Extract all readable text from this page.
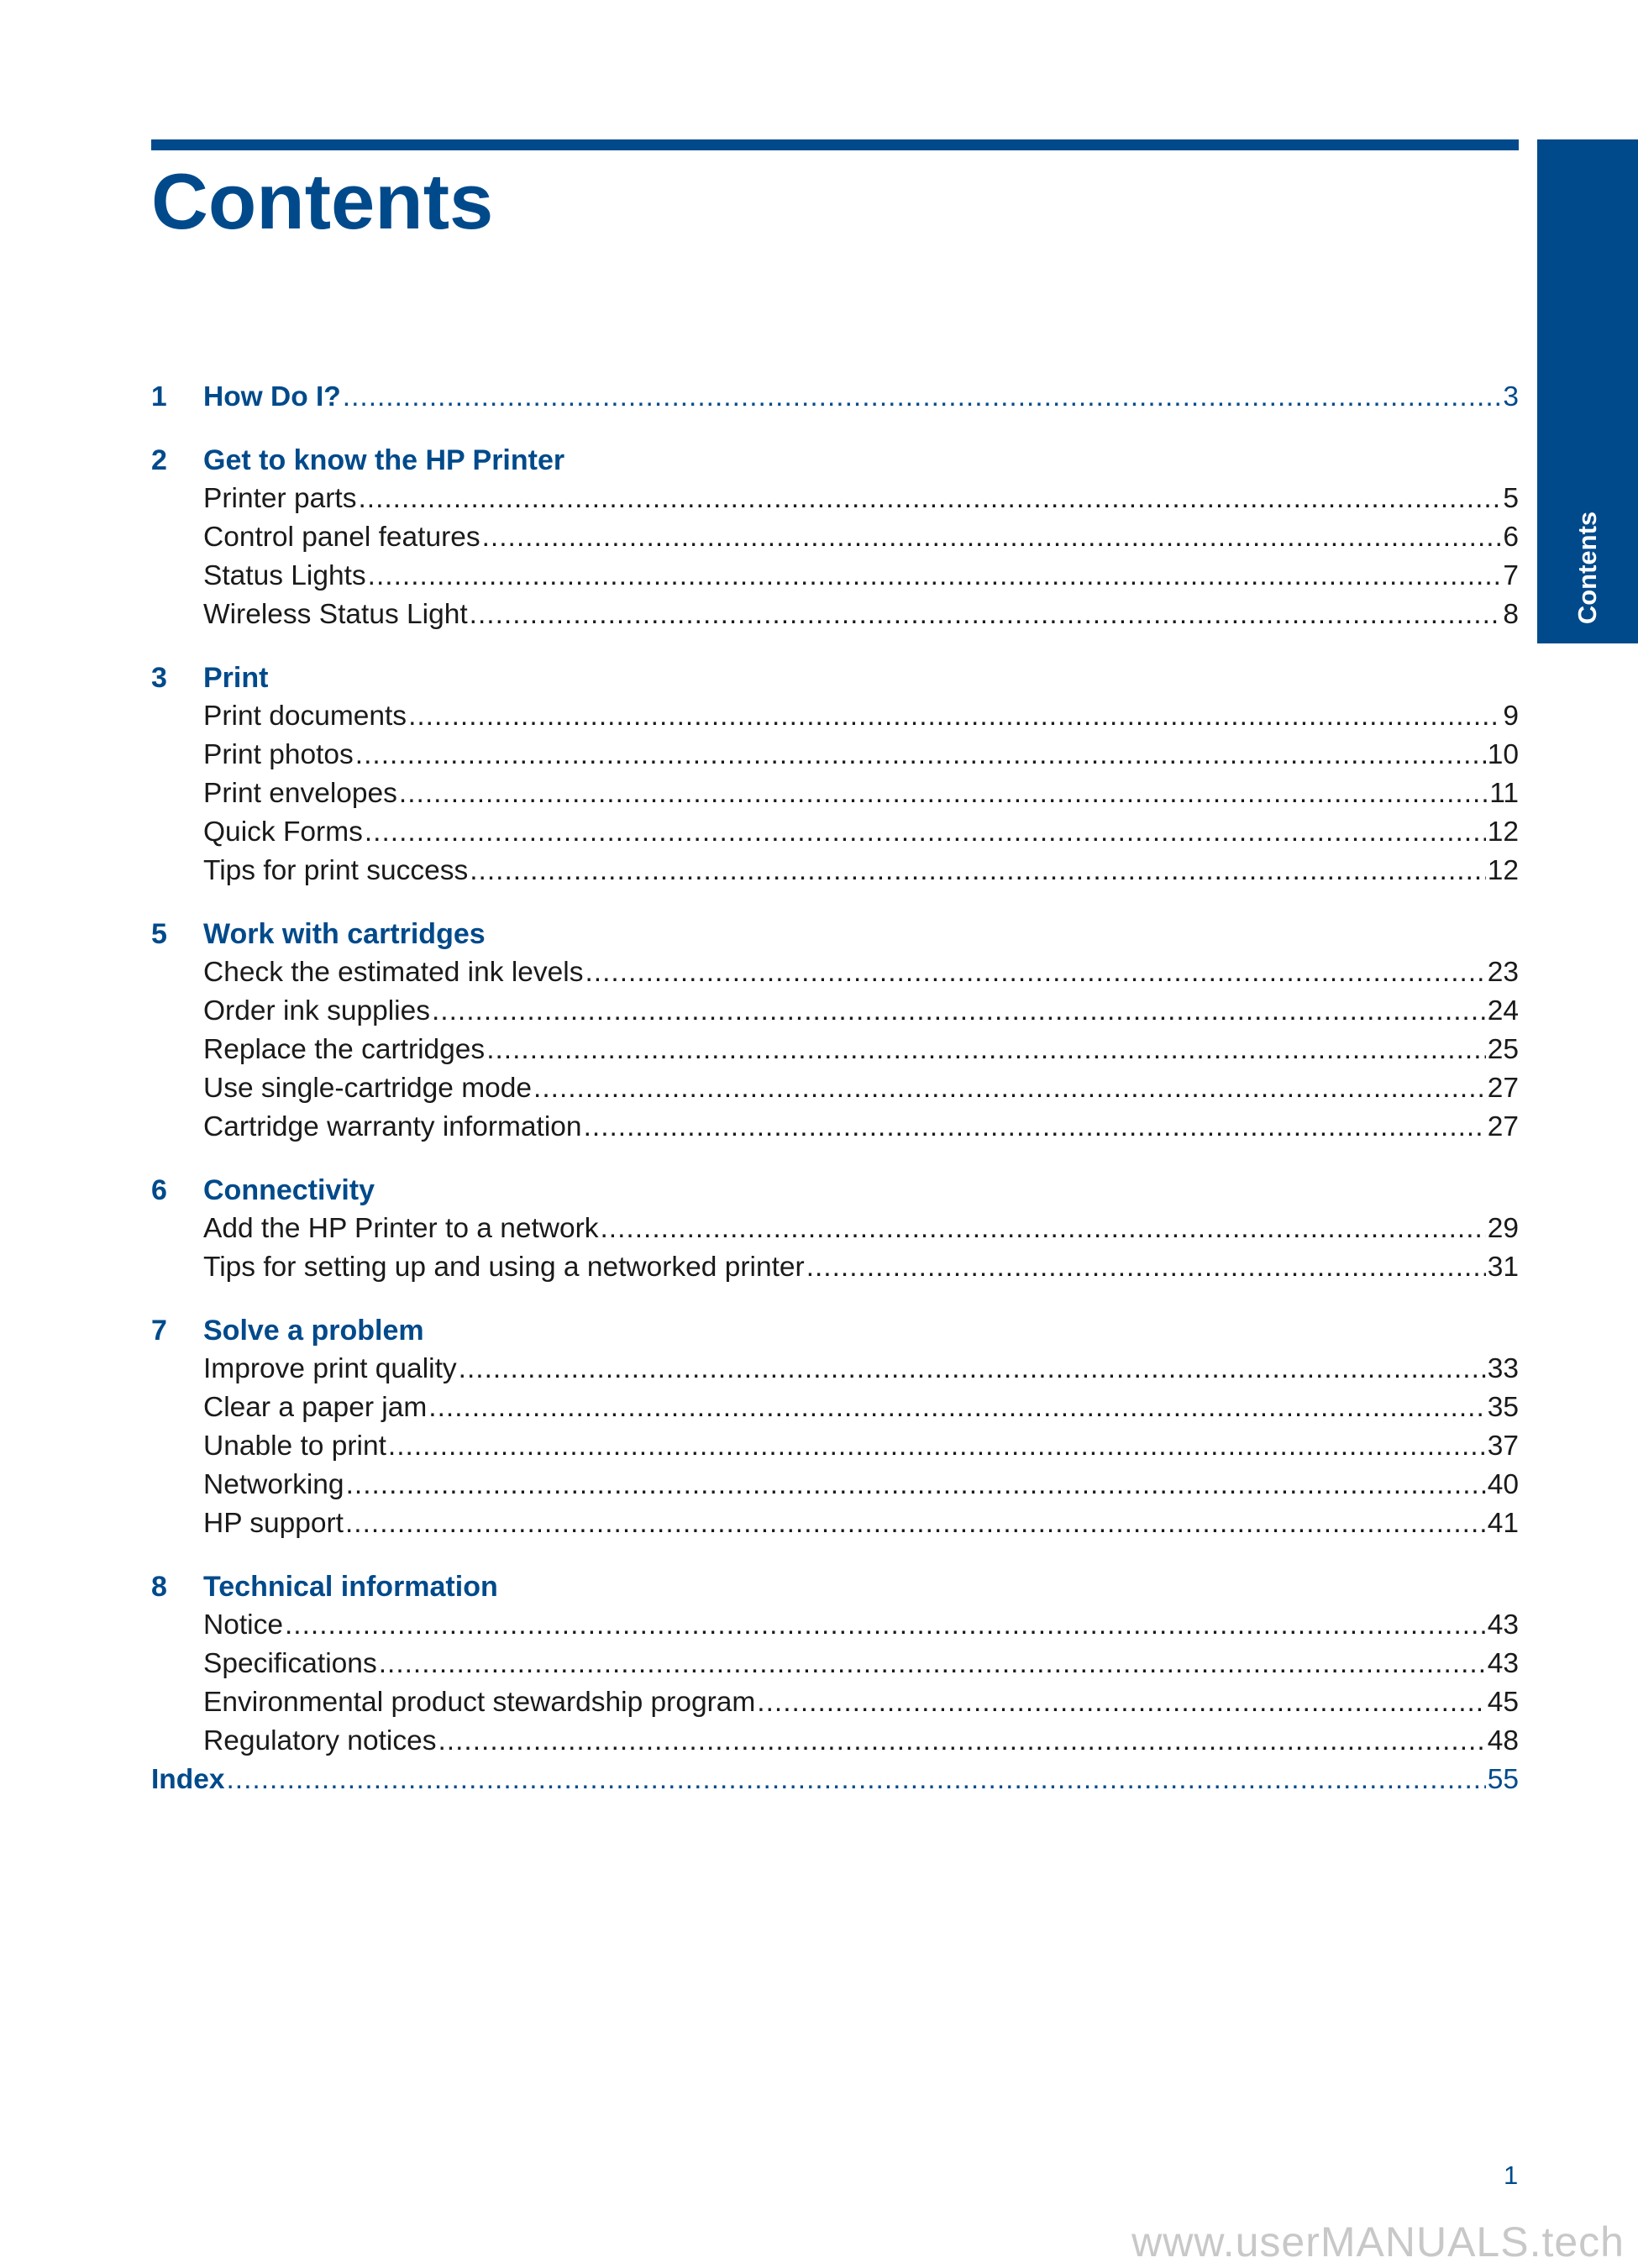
Contents
Contents
1	How Do I? .....	3
2	Get to know the HP Printer
Printer parts .....	5
Control panel features .....	6
Status Lights .....	7
Wireless Status Light .....	8
3	Print
Print documents .....	9
Print photos .....	10
Print envelopes .....	11
Quick Forms .....	12
Tips for print success .....	12
5	Work with cartridges
Check the estimated ink levels .....	23
Order ink supplies .....	24
Replace the cartridges .....	25
Use single-cartridge mode .....	27
Cartridge warranty information .....	27
6	Connectivity
Add the HP Printer to a network .....	29
Tips for setting up and using a networked printer .....	31
7	Solve a problem
Improve print quality .....	33
Clear a paper jam .....	35
Unable to print .....	37
Networking .....	40
HP support .....	41
8	Technical information
Notice .....	43
Specifications .....	43
Environmental product stewardship program .....	45
Regulatory notices .....	48
Index .....	55
1
www.userMANUALS.tech
